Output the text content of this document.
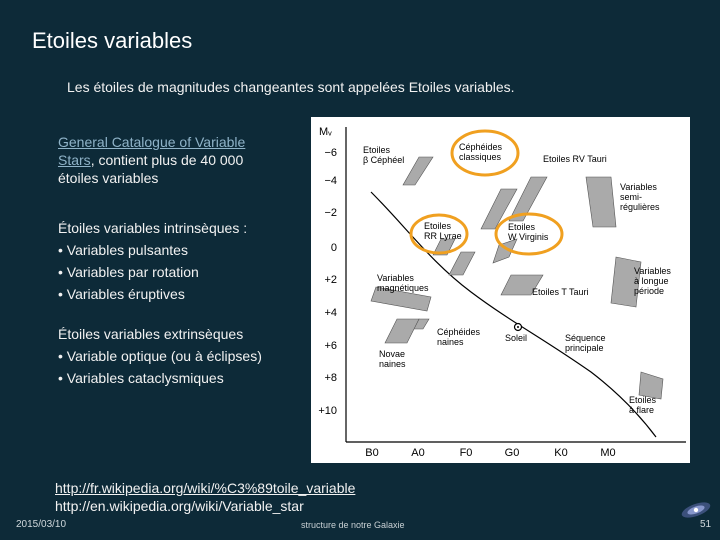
Etoiles variables
Les étoiles de magnitudes changeantes sont appelées Etoiles variables.
General Catalogue of Variable Stars, contient plus de 40 000 étoiles variables
Étoiles variables intrinsèques :
• Variables pulsantes
• Variables par rotation
• Variables éruptives
Étoiles variables extrinsèques
• Variable optique (ou à éclipses)
• Variables cataclysmiques
Mᵥ
−6
−4
−2
0
+2
+4
+6
+8
+10
B0	A0	F0	G0	K0	M0
Etoiles β Céphéel
Céphéides classiques	Etoiles RV Tauri
Variables semi- régulières
Etoiles RR Lyrae
Etoiles W Virginis
Variables magnétiques	Etoiles T Tauri
Variables à longue période
Céphéides naines	Soleil	Séquence principale
Novae naines
Etoiles à flare
http://fr.wikipedia.org/wiki/%C3%89toile_variable
http://en.wikipedia.org/wiki/Variable_star
2015/03/10	structure de notre Galaxie	51
